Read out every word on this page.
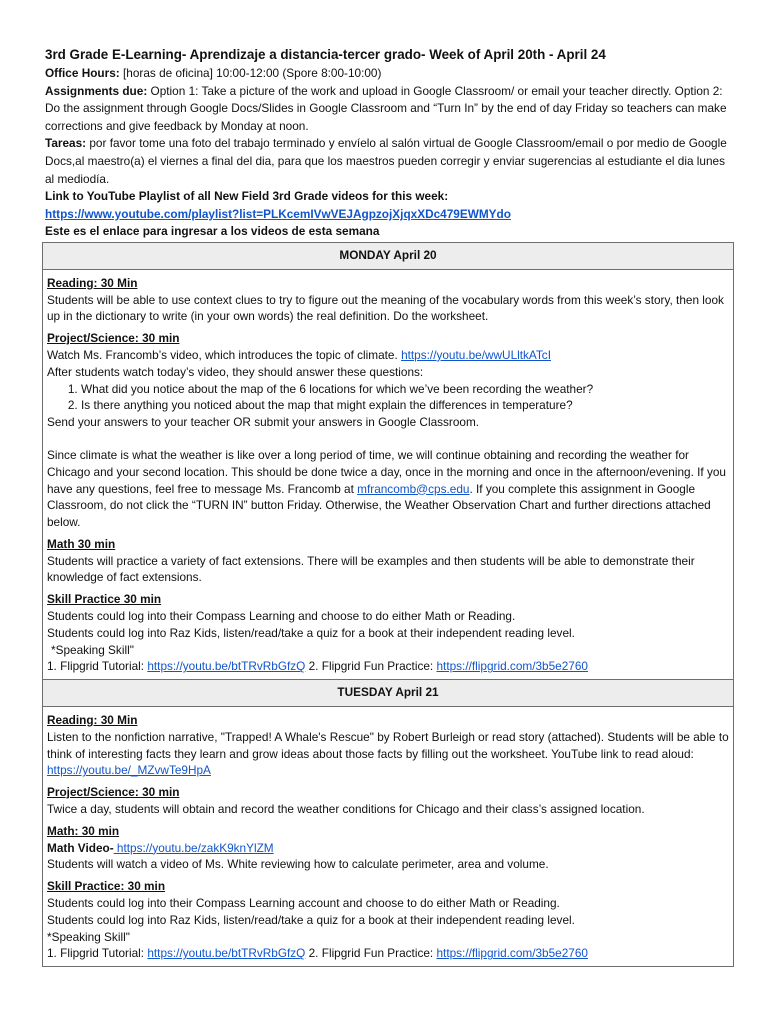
3rd Grade E-Learning- Aprendizaje a distancia-tercer grado- Week of April 20th - April 24
Office Hours: [horas de oficina] 10:00-12:00 (Spore 8:00-10:00)
Assignments due: Option 1: Take a picture of the work and upload in Google Classroom/ or email your teacher directly. Option 2: Do the assignment through Google Docs/Slides in Google Classroom and “Turn In” by the end of day Friday so teachers can make corrections and give feedback by Monday at noon.
Tareas: por favor tome una foto del trabajo terminado y envíelo al salón virtual de Google Classroom/email o por medio de Google Docs,al maestro(a) el viernes a final del dia, para que los maestros pueden corregir y enviar sugerencias al estudiante el dia lunes al mediodía.
Link to YouTube Playlist of all New Field 3rd Grade videos for this week:
https://www.youtube.com/playlist?list=PLKcemIVwVEJAgpzojXjqxXDc479EWMYdo
Este es el enlace para ingresar a los videos de esta semana
MONDAY April 20

Reading: 30 Min

Students will be able to use context clues to try to figure out the meaning of the vocabulary words from this week’s story, then look up in the dictionary to write (in your own words) the real definition. Do the worksheet.

Project/Science: 30 min

Watch Ms. Francomb’s video, which introduces the topic of climate. https://youtu.be/wwULltkATcI

After students watch today’s video, they should answer these questions:

1. What did you notice about the map of the 6 locations for which we’ve been recording the weather?
2. Is there anything you noticed about the map that might explain the differences in temperature?

Send your answers to your teacher OR submit your answers in Google Classroom.

Since climate is what the weather is like over a long period of time, we will continue obtaining and recording the weather for Chicago and your second location. This should be done twice a day, once in the morning and once in the afternoon/evening. If you have any questions, feel free to message Ms. Francomb at mfrancomb@cps.edu. If you complete this assignment in Google Classroom, do not click the “TURN IN” button Friday. Otherwise, the Weather Observation Chart and further directions attached below.

Math 30 min

Students will practice a variety of fact extensions. There will be examples and then students will be able to demonstrate their knowledge of fact extensions.

Skill Practice 30 min

Students could log into their Compass Learning and choose to do either Math or Reading.

Students could log into Raz Kids, listen/read/take a quiz for a book at their independent reading level.

*Speaking Skill"

1. Flipgrid Tutorial: https://youtu.be/btTRvRbGfzQ 2. Flipgrid Fun Practice: https://flipgrid.com/3b5e2760

TUESDAY April 21

Reading: 30 Min

Listen to the nonfiction narrative, "Trapped! A Whale's Rescue" by Robert Burleigh or read story (attached). Students will be able to think of interesting facts they learn and grow ideas about those facts by filling out the worksheet. YouTube link to read aloud: https://youtu.be/_MZvwTe9HpA

Project/Science: 30 min

Twice a day, students will obtain and record the weather conditions for Chicago and their class’s assigned location.

Math: 30 min

Math Video- https://youtu.be/zakK9knYlZM

Students will watch a video of Ms. White reviewing how to calculate perimeter, area and volume.

Skill Practice: 30 min

Students could log into their Compass Learning account and choose to do either Math or Reading.

Students could log into Raz Kids, listen/read/take a quiz for a book at their independent reading level.

*Speaking Skill"

1. Flipgrid Tutorial: https://youtu.be/btTRvRbGfzQ 2. Flipgrid Fun Practice: https://flipgrid.com/3b5e2760
